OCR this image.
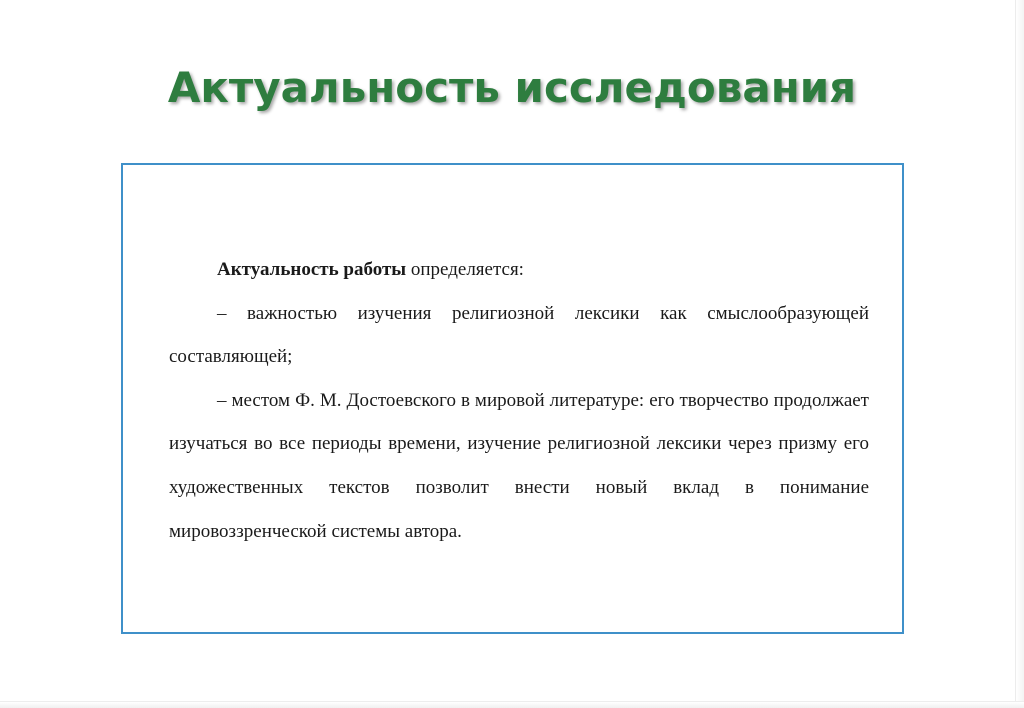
Актуальность исследования

Актуальность работы определяется:

– важностью изучения религиозной лексики как смыслообразующей составляющей;

– местом Ф. М. Достоевского в мировой литературе: его творчество продолжает изучаться во все периоды времени, изучение религиозной лексики через призму его художественных текстов позволит внести новый вклад в понимание мировоззренческой системы автора.
